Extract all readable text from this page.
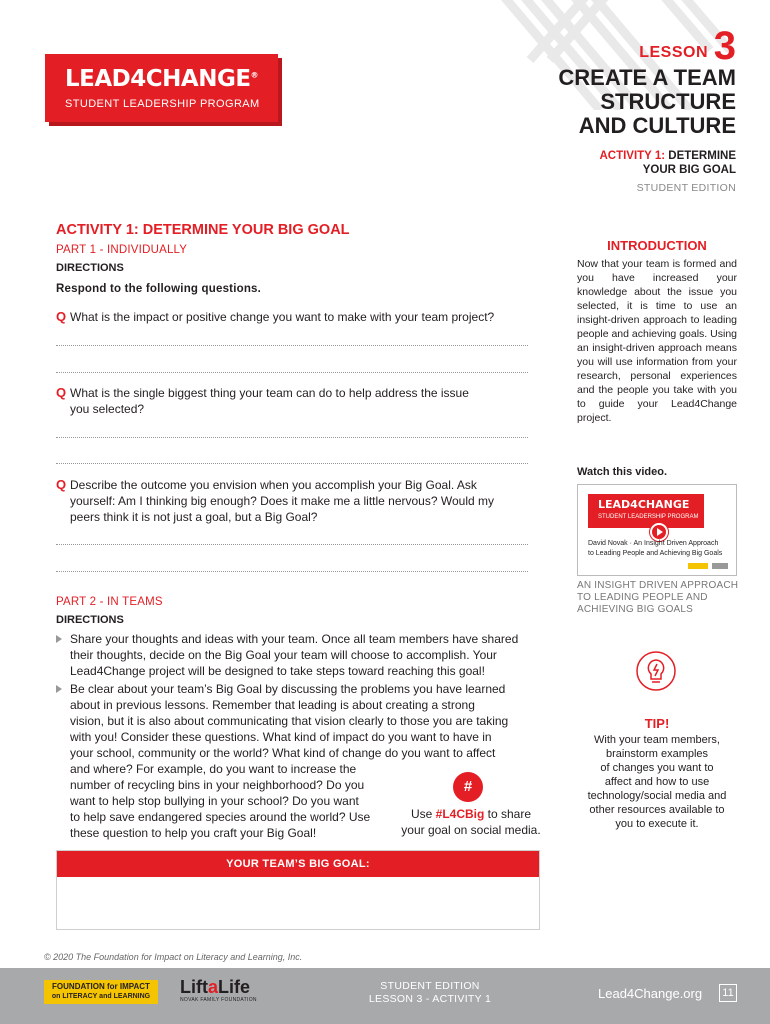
LEAD4CHANGE®
STUDENT LEADERSHIP PROGRAM
LESSON 3
CREATE A TEAM
STRUCTURE
AND CULTURE
ACTIVITY 1: DETERMINE
YOUR BIG GOAL
STUDENT EDITION
ACTIVITY 1: DETERMINE YOUR BIG GOAL
PART 1 - INDIVIDUALLY
DIRECTIONS
Respond to the following questions.
Q What is the impact or positive change you want to make with your team project?
Q What is the single biggest thing your team can do to help address the issue
you selected?
Q Describe the outcome you envision when you accomplish your Big Goal. Ask
yourself: Am I thinking big enough? Does it make me a little nervous? Would my
peers think it is not just a goal, but a Big Goal?
PART 2 - IN TEAMS
DIRECTIONS
Share your thoughts and ideas with your team. Once all team members have shared
their thoughts, decide on the Big Goal your team will choose to accomplish. Your
Lead4Change project will be designed to take steps toward reaching this goal!
Be clear about your team’s Big Goal by discussing the problems you have learned
about in previous lessons. Remember that leading is about creating a strong
vision, but it is also about communicating that vision clearly to those you are taking
with you! Consider these questions. What kind of impact do you want to have in
your school, community or the world? What kind of change do you want to affect
and where? For example, do you want to increase the
number of recycling bins in your neighborhood? Do you
want to help stop bullying in your school? Do you want
to help save endangered species around the world? Use
these question to help you craft your Big Goal!
#
Use #L4CBig to share
your goal on social media.
YOUR TEAM’S BIG GOAL:
INTRODUCTION
Now that your team is formed and you have increased your knowledge about the issue you selected, it is time to use an insight-driven approach to leading people and achieving goals. Using an insight-driven approach means you will use information from your research, personal experiences and the people you take with you to guide your Lead4Change project.
Watch this video.
LEAD4CHANGE
STUDENT LEADERSHIP PROGRAM
David Novak · An Insight Driven Approach
to Leading People and Achieving Big Goals
AN INSIGHT DRIVEN APPROACH
TO LEADING PEOPLE AND
ACHIEVING BIG GOALS
TIP!
With your team members,
brainstorm examples
of changes you want to
affect and how to use
technology/social media and
other resources available to
you to execute it.
© 2020 The Foundation for Impact on Literacy and Learning, Inc.
FOUNDATION for IMPACT
on LITERACY and LEARNING	LiftaLife
NOVAK FAMILY FOUNDATION
STUDENT EDITION
LESSON 3 - ACTIVITY 1	Lead4Change.org 11
